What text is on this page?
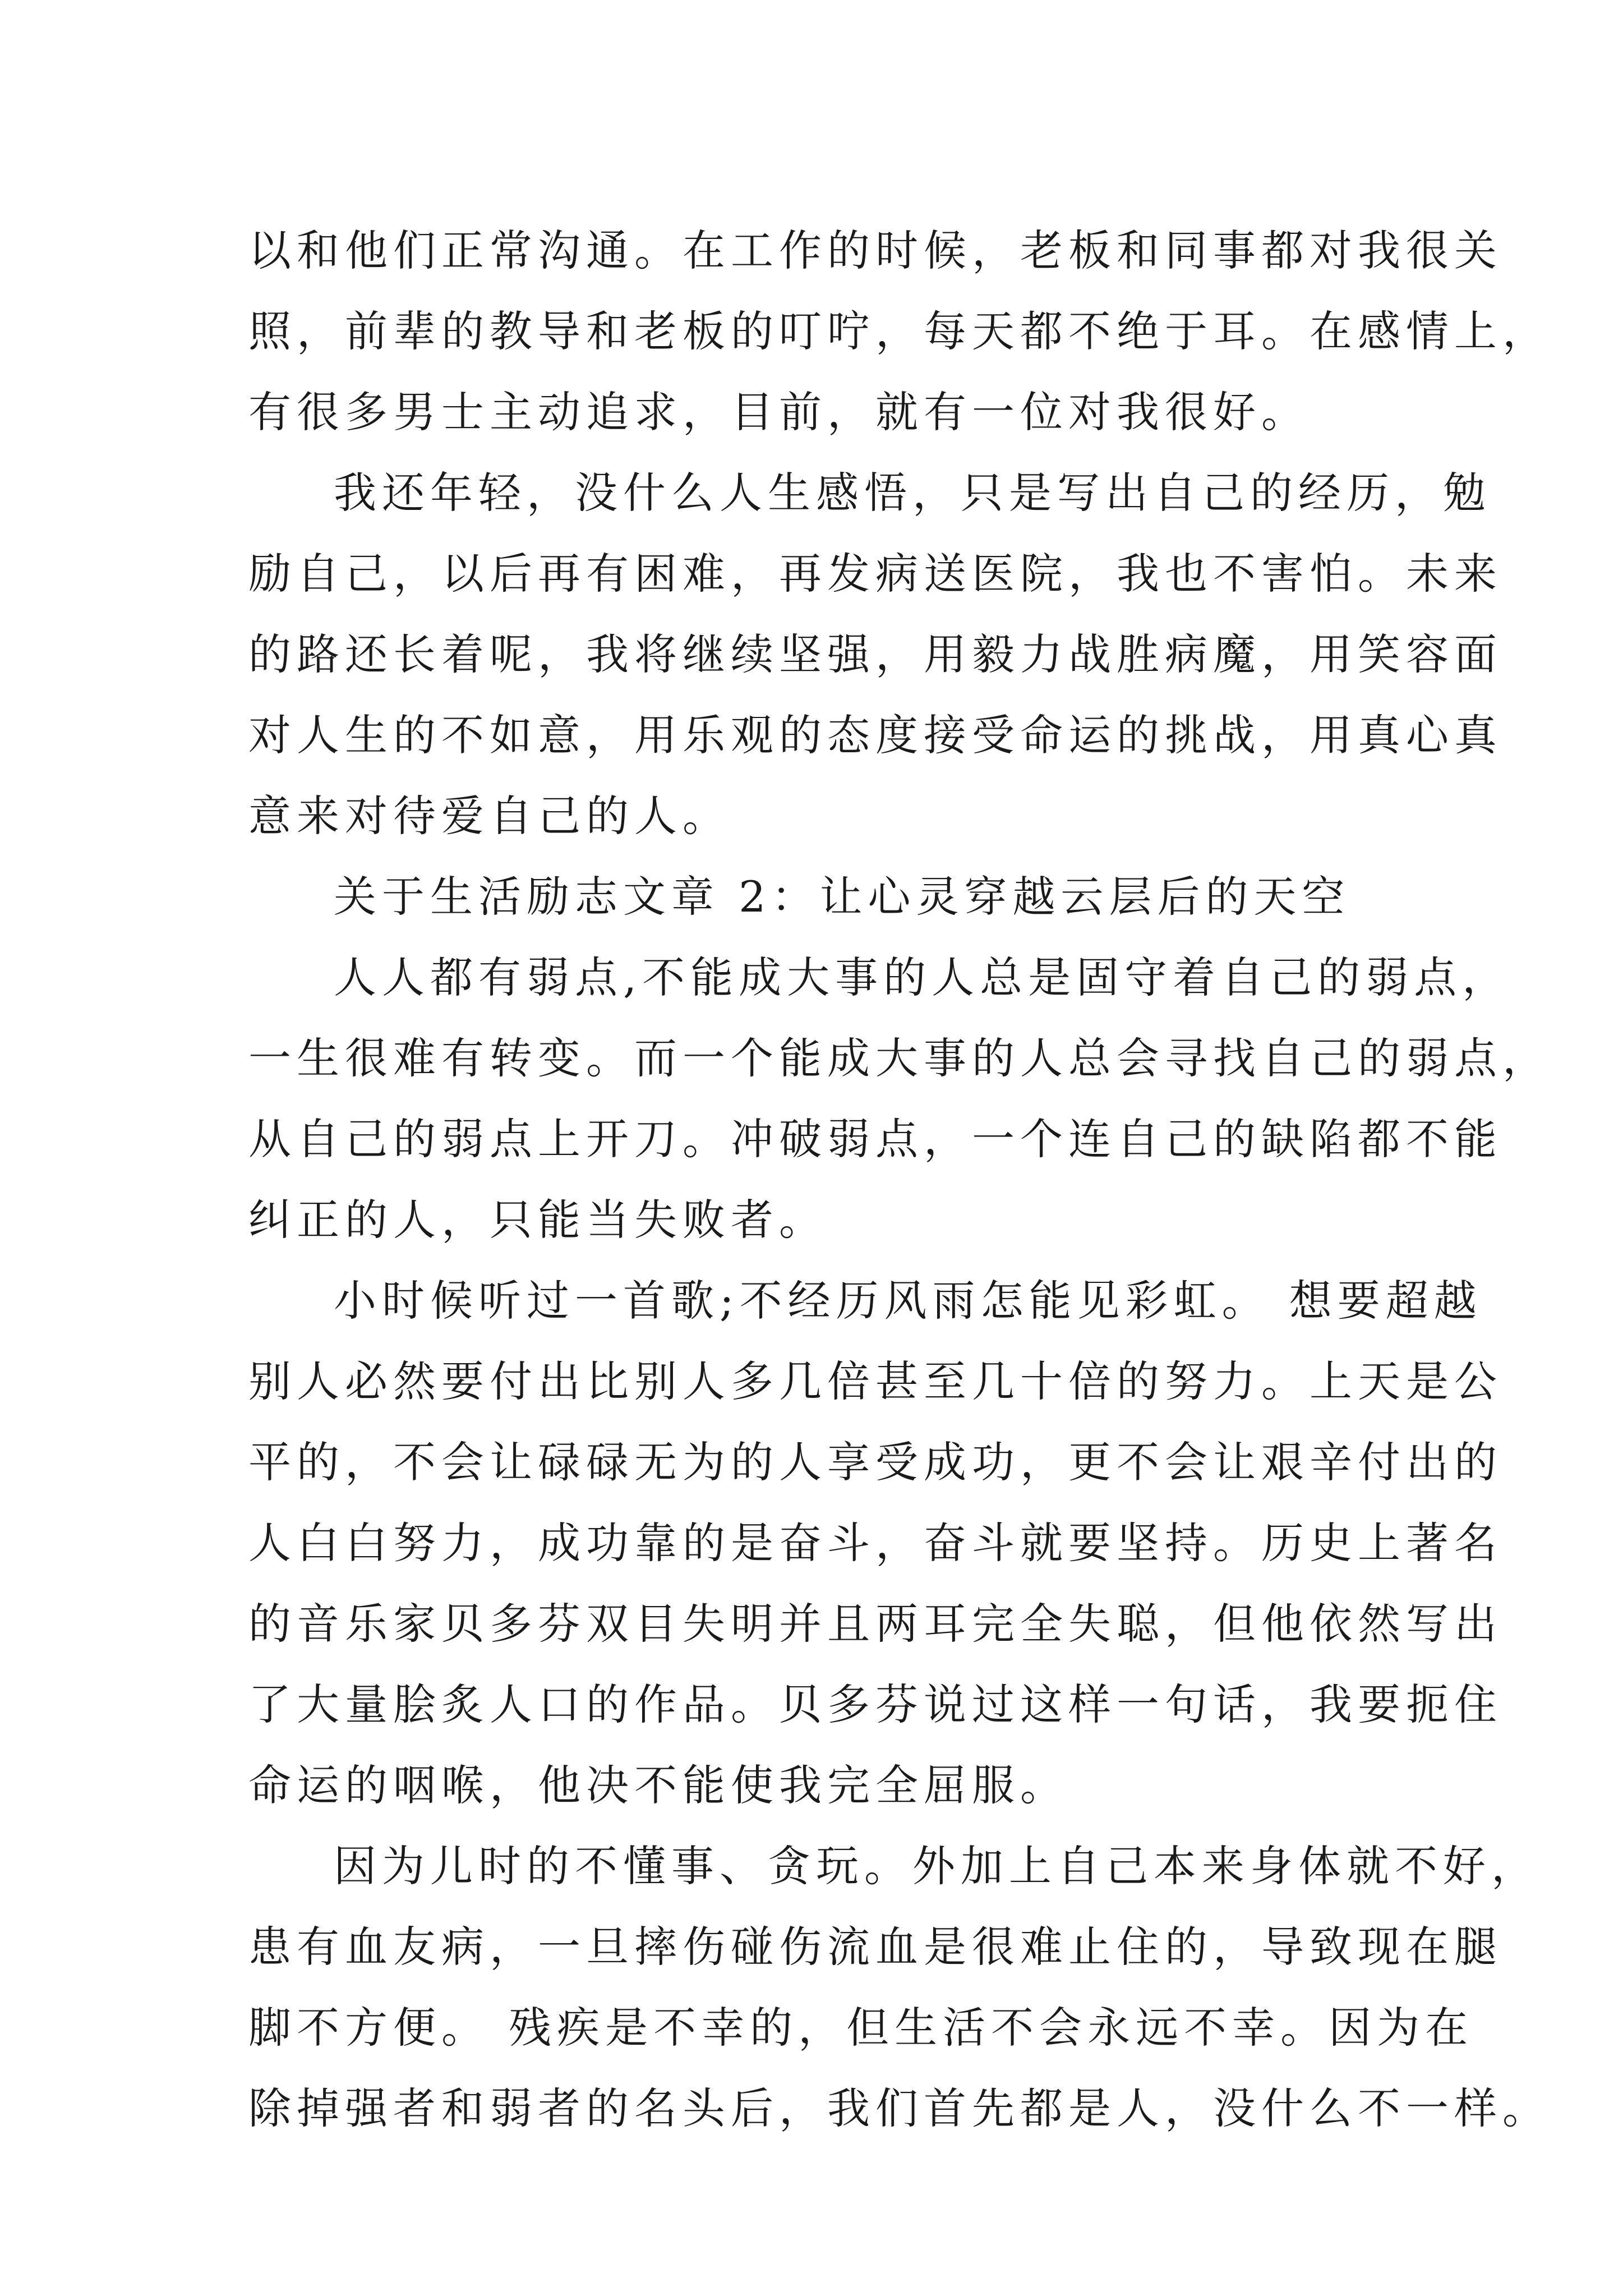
以和他们正常沟通。在工作的时候，老板和同事都对我很关
照，前辈的教导和老板的叮咛，每天都不绝于耳。在感情上，
有很多男士主动追求，目前，就有一位对我很好。
我还年轻，没什么人生感悟，只是写出自己的经历，勉
励自己，以后再有困难，再发病送医院，我也不害怕。未来
的路还长着呢，我将继续坚强，用毅力战胜病魔，用笑容面
对人生的不如意，用乐观的态度接受命运的挑战，用真心真
意来对待爱自己的人。
关于生活励志文章 2：让心灵穿越云层后的天空
人人都有弱点,不能成大事的人总是固守着自己的弱点，
一生很难有转变。而一个能成大事的人总会寻找自己的弱点，
从自己的弱点上开刀。冲破弱点，一个连自己的缺陷都不能
纠正的人，只能当失败者。
小时候听过一首歌;不经历风雨怎能见彩虹。 想要超越
别人必然要付出比别人多几倍甚至几十倍的努力。上天是公
平的，不会让碌碌无为的人享受成功，更不会让艰辛付出的
人白白努力，成功靠的是奋斗，奋斗就要坚持。历史上著名
的音乐家贝多芬双目失明并且两耳完全失聪，但他依然写出
了大量脍炙人口的作品。贝多芬说过这样一句话，我要扼住
命运的咽喉，他决不能使我完全屈服。
因为儿时的不懂事、贪玩。外加上自己本来身体就不好，
患有血友病，一旦摔伤碰伤流血是很难止住的，导致现在腿
脚不方便。 残疾是不幸的，但生活不会永远不幸。因为在
除掉强者和弱者的名头后，我们首先都是人，没什么不一样。
